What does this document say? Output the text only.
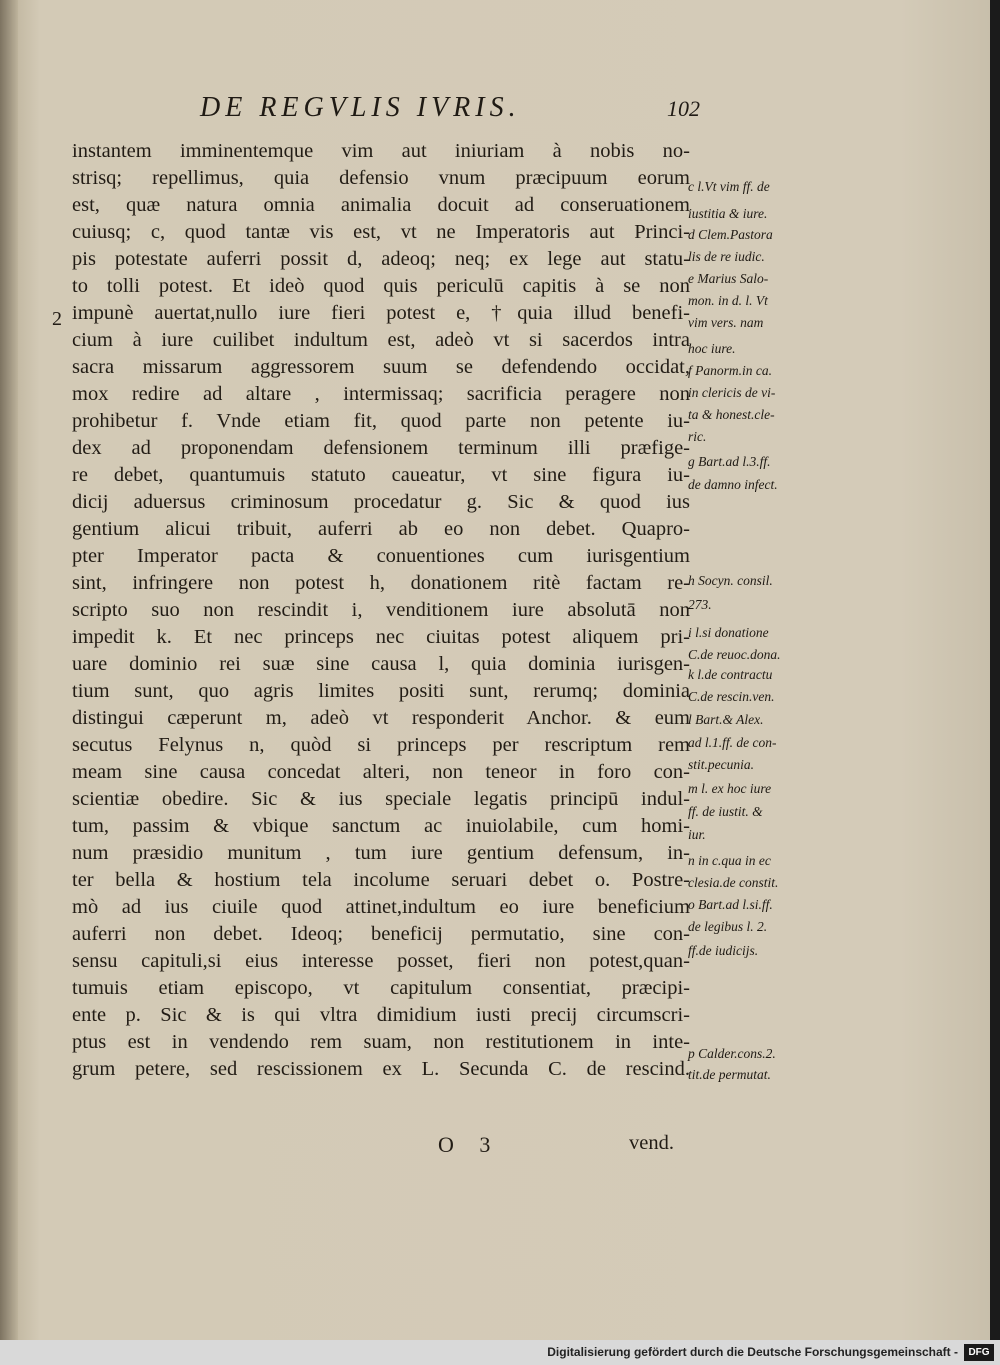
DE REGVLIS IVRIS.	102
2
instantem imminentemque vim aut iniuriam à nobis no-
strisq; repellimus, quia defensio vnum præcipuum eorum
est, quæ natura omnia animalia docuit ad conseruationem
cuiusq; c, quod tantæ vis est, vt ne Imperatoris aut Princi-
pis potestate auferri possit d, adeoq; neq; ex lege aut statu-
to tolli potest. Et ideò quod quis periculū capitis à se non
impunè auertat,nullo iure fieri potest e, †quia illud benefi-
cium à iure cuilibet indultum est, adeò vt si sacerdos intra
sacra missarum aggressorem suum se defendendo occidat,
mox redire ad altare , intermissaq; sacrificia peragere non
prohibetur f. Vnde etiam fit, quod parte non petente iu-
dex ad proponendam defensionem terminum illi præfige-
re debet, quantumuis statuto caueatur, vt sine figura iu-
dicij aduersus criminosum procedatur g. Sic & quod ius
gentium alicui tribuit, auferri ab eo non debet. Quapro-
pter Imperator pacta & conuentiones cum iurisgentium
sint, infringere non potest h, donationem ritè factam re-
scripto suo non rescindit i, venditionem iure absolutā non
impedit k. Et nec princeps nec ciuitas potest aliquem pri-
uare dominio rei suæ sine causa l, quia dominia iurisgen-
tium sunt, quo agris limites positi sunt, rerumq; dominia
distingui cæperunt m, adeò vt responderit Anchor. & eum
secutus Felynus n, quòd si princeps per rescriptum rem
meam sine causa concedat alteri, non teneor in foro con-
scientiæ obedire. Sic & ius speciale legatis principū indul-
tum, passim & vbique sanctum ac inuiolabile, cum homi-
num præsidio munitum , tum iure gentium defensum, in-
ter bella & hostium tela incolume seruari debet o. Postre-
mò ad ius ciuile quod attinet,indultum eo iure beneficium
auferri non debet. Ideoq; beneficij permutatio, sine con-
sensu capituli,si eius interesse posset, fieri non potest,quan-
tumuis etiam episcopo, vt capitulum consentiat, præcipi-
ente p. Sic & is qui vltra dimidium iusti precij circumscri-
ptus est in vendendo rem suam, non restitutionem in inte-
grum petere, sed rescissionem ex L. Secunda C. de rescind.
c l.Vt vim ff. de
iustitia & iure.
d Clem.Pastora
lis de re iudic.
e Marius Salo-
mon. in d. l. Vt
vim vers. nam
hoc iure.
f Panorm.in ca.
in clericis de vi-
ta & honest.cle-
ric.
g Bart.ad l.3.ff.
de damno infect.
h Socyn. consil.
273.
i l.si donatione
C.de reuoc.dona.
k l.de contractu
C.de rescin.ven.
l Bart.& Alex.
ad l.1.ff. de con-
stit.pecunia.
m l. ex hoc iure
ff. de iustit. &
iur.
n in c.qua in ec
clesia.de constit.
o Bart.ad l.si.ff.
de legibus l. 2.
ff.de iudicijs.
p Calder.cons.2.
tit.de permutat.
O 3	vend.
Digitalisierung gefördert durch die Deutsche Forschungsgemeinschaft -	DFG
